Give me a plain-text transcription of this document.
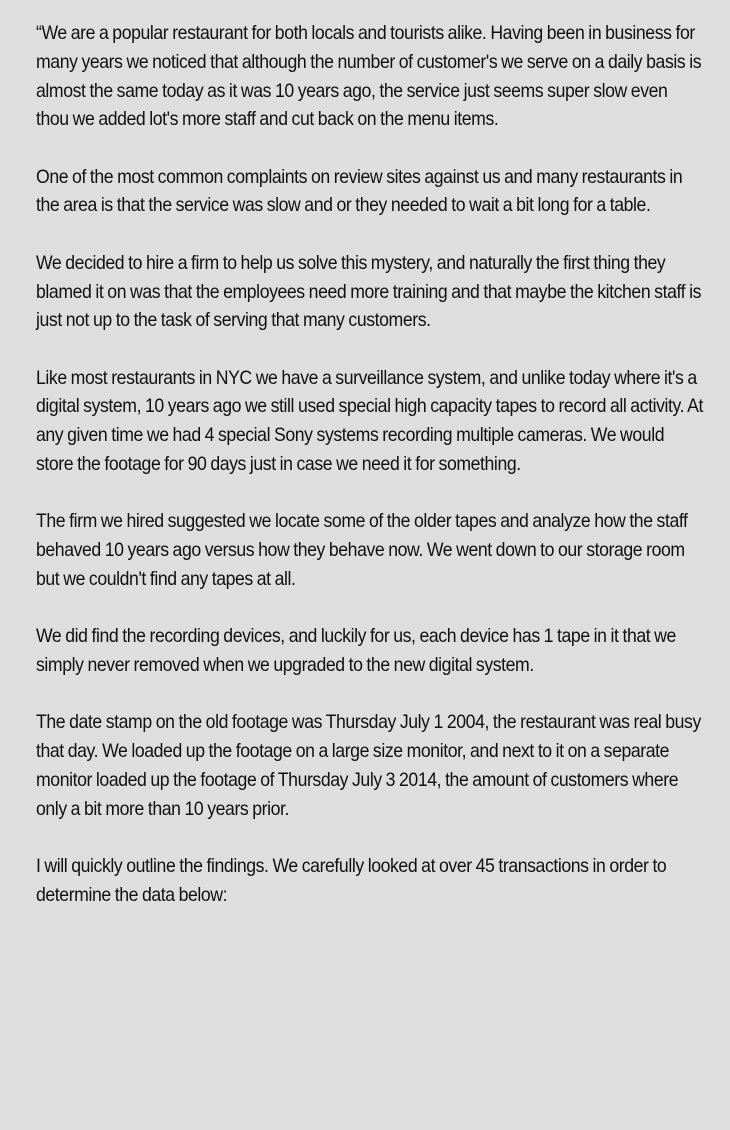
“We are a popular restaurant for both locals and tourists alike. Having been in business for many years we noticed that although the number of customer's we serve on a daily basis is almost the same today as it was 10 years ago, the service just seems super slow even thou we added lot's more staff and cut back on the menu items.

One of the most common complaints on review sites against us and many restaurants in the area is that the service was slow and or they needed to wait a bit long for a table.

We decided to hire a firm to help us solve this mystery, and naturally the first thing they blamed it on was that the employees need more training and that maybe the kitchen staff is just not up to the task of serving that many customers.

Like most restaurants in NYC we have a surveillance system, and unlike today where it's a digital system, 10 years ago we still used special high capacity tapes to record all activity. At any given time we had 4 special Sony systems recording multiple cameras. We would store the footage for 90 days just in case we need it for something.

The firm we hired suggested we locate some of the older tapes and analyze how the staff behaved 10 years ago versus how they behave now. We went down to our storage room but we couldn't find any tapes at all.

We did find the recording devices, and luckily for us, each device has 1 tape in it that we simply never removed when we upgraded to the new digital system.

The date stamp on the old footage was Thursday July 1 2004, the restaurant was real busy that day. We loaded up the footage on a large size monitor, and next to it on a separate monitor loaded up the footage of Thursday July 3 2014, the amount of customers where only a bit more than 10 years prior.

I will quickly outline the findings. We carefully looked at over 45 transactions in order to determine the data below:
